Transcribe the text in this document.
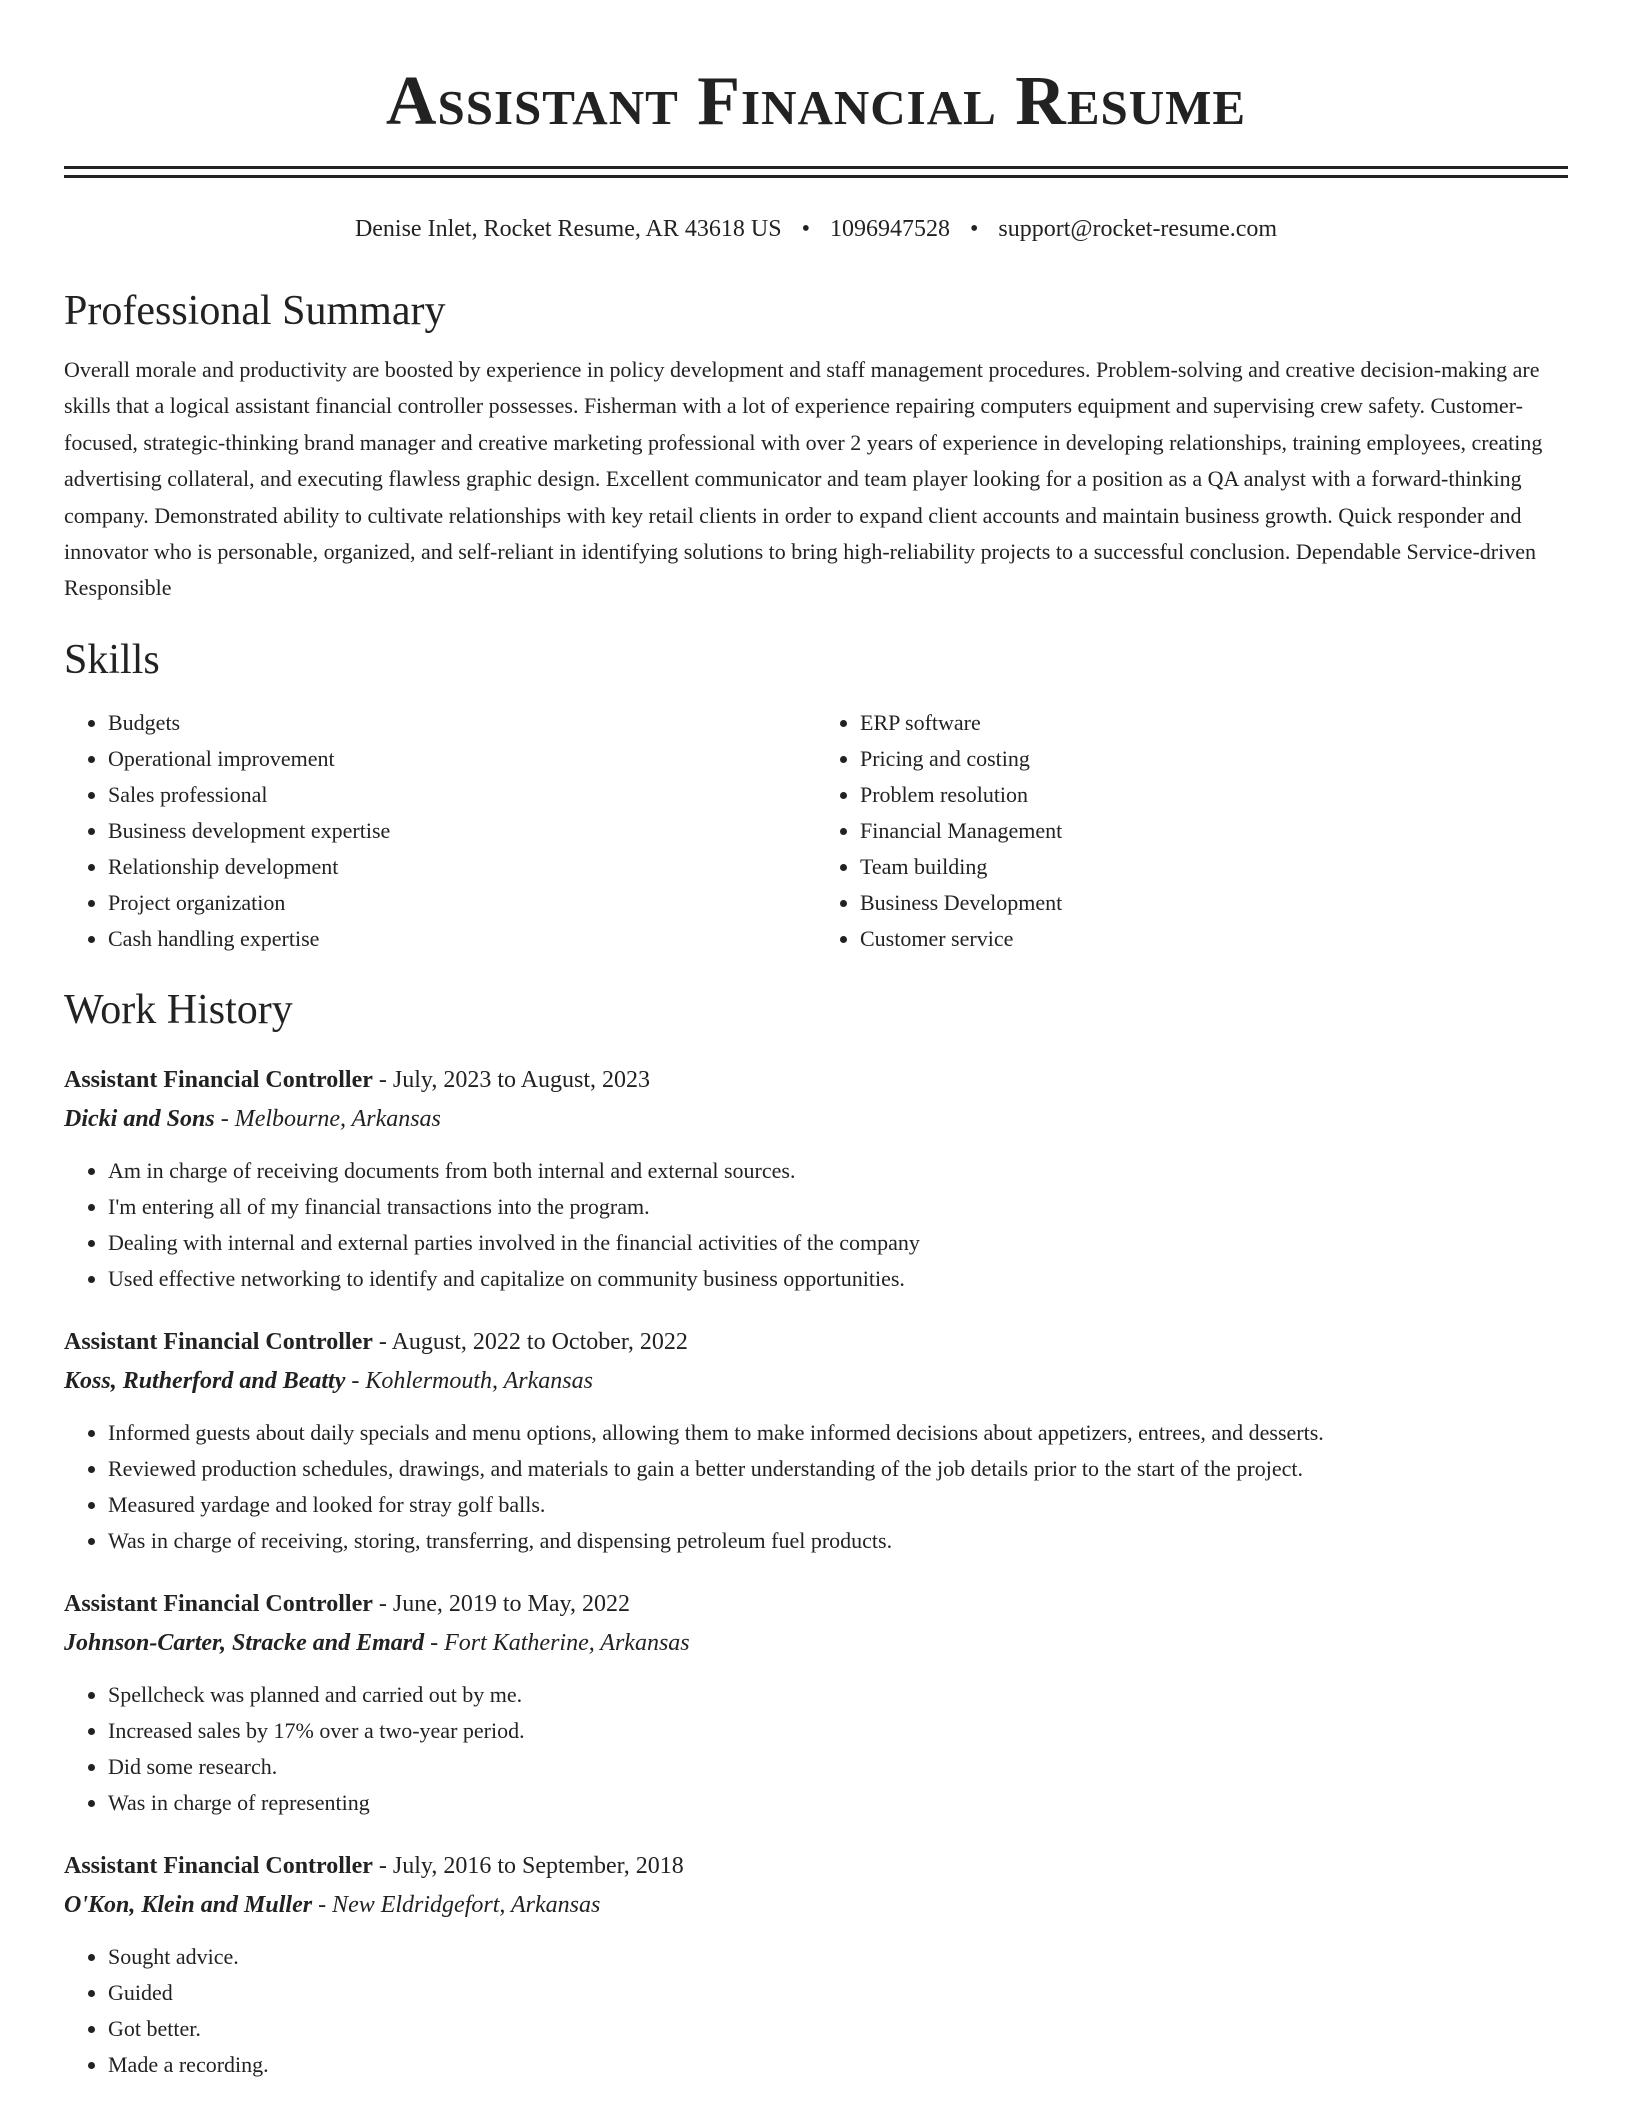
Assistant Financial Resume
Denise Inlet, Rocket Resume, AR 43618 US • 1096947528 • support@rocket-resume.com
Professional Summary

Overall morale and productivity are boosted by experience in policy development and staff management procedures. Problem-solving and creative decision-making are skills that a logical assistant financial controller possesses. Fisherman with a lot of experience repairing computers equipment and supervising crew safety. Customer-focused, strategic-thinking brand manager and creative marketing professional with over 2 years of experience in developing relationships, training employees, creating advertising collateral, and executing flawless graphic design. Excellent communicator and team player looking for a position as a QA analyst with a forward-thinking company. Demonstrated ability to cultivate relationships with key retail clients in order to expand client accounts and maintain business growth. Quick responder and innovator who is personable, organized, and self-reliant in identifying solutions to bring high-reliability projects to a successful conclusion. Dependable Service-driven Responsible

Skills
• Budgets
• Operational improvement
• Sales professional
• Business development expertise
• Relationship development
• Project organization
• Cash handling expertise
• ERP software
• Pricing and costing
• Problem resolution
• Financial Management
• Team building
• Business Development
• Customer service
Work History
Assistant Financial Controller - July, 2023 to August, 2023
Dicki and Sons - Melbourne, Arkansas
• Am in charge of receiving documents from both internal and external sources.
• I'm entering all of my financial transactions into the program.
• Dealing with internal and external parties involved in the financial activities of the company
• Used effective networking to identify and capitalize on community business opportunities.
Assistant Financial Controller - August, 2022 to October, 2022
Koss, Rutherford and Beatty - Kohlermouth, Arkansas
• Informed guests about daily specials and menu options, allowing them to make informed decisions about appetizers, entrees, and desserts.
• Reviewed production schedules, drawings, and materials to gain a better understanding of the job details prior to the start of the project.
• Measured yardage and looked for stray golf balls.
• Was in charge of receiving, storing, transferring, and dispensing petroleum fuel products.
Assistant Financial Controller - June, 2019 to May, 2022
Johnson-Carter, Stracke and Emard - Fort Katherine, Arkansas
• Spellcheck was planned and carried out by me.
• Increased sales by 17% over a two-year period.
• Did some research.
• Was in charge of representing
Assistant Financial Controller - July, 2016 to September, 2018
O'Kon, Klein and Muller - New Eldridgefort, Arkansas
• Sought advice.
• Guided
• Got better.
• Made a recording.
